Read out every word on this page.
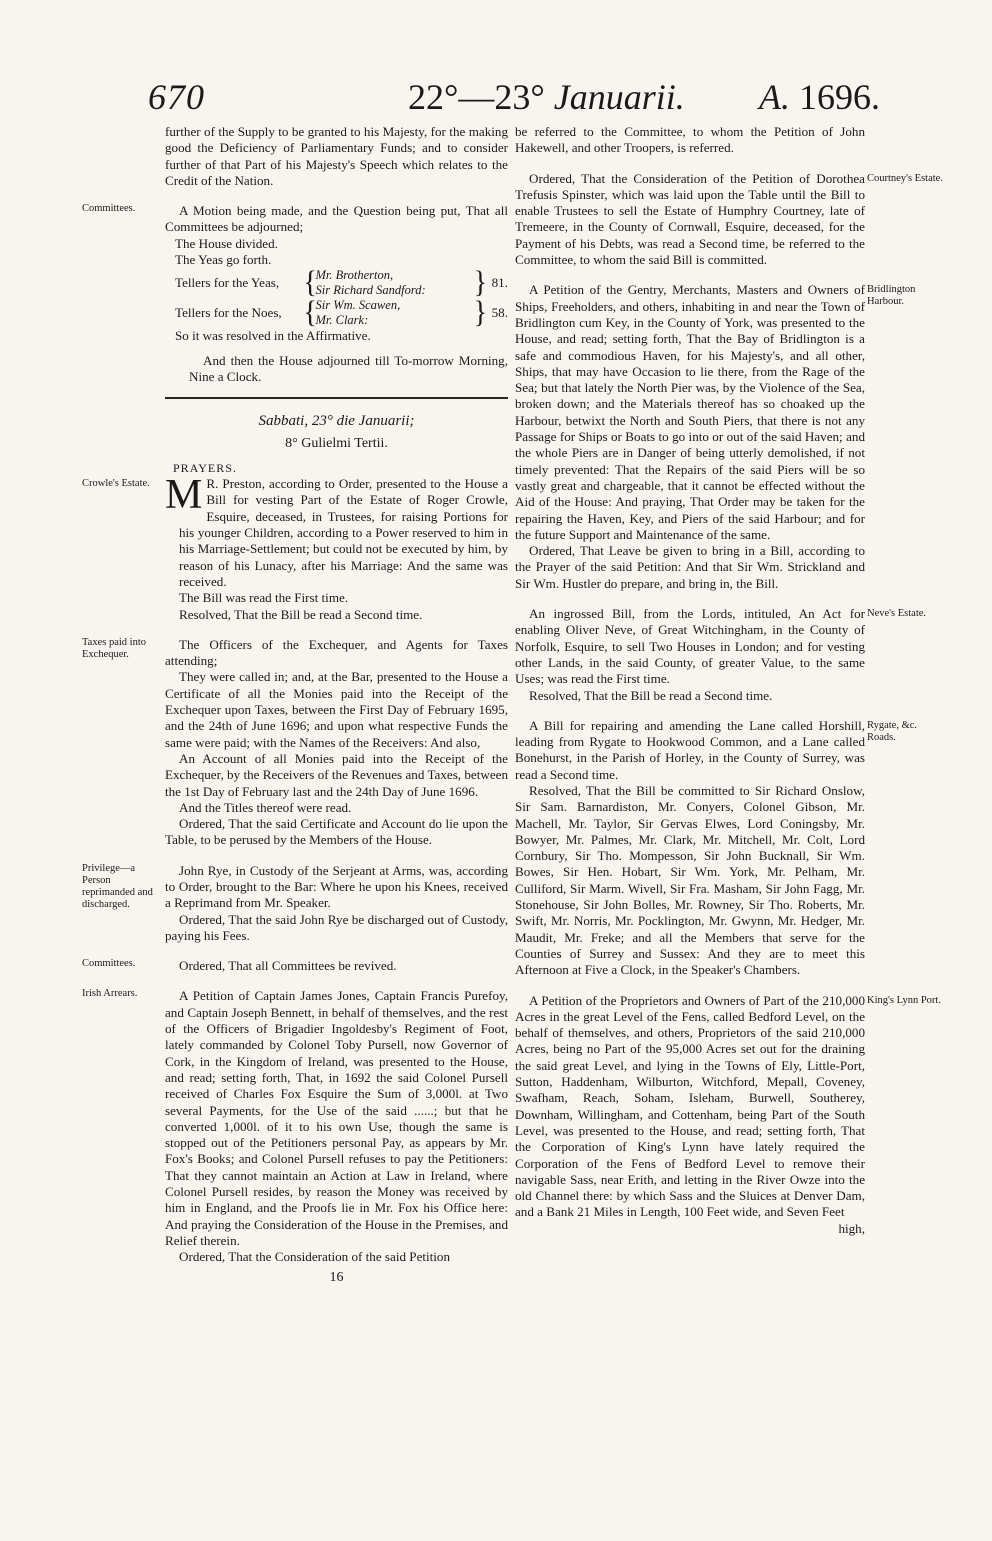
670	22°—23° Januarii. A. 1696.

further of the Supply to be granted to his Majesty, for the making good the Deficiency of Parliamentary Funds; and to consider further of that Part of his Majesty's Speech which relates to the Credit of the Nation.

Committees.	A Motion being made, and the Question being put, That all Committees be adjourned;

The House divided.
The Yeas go forth.
Tellers for the Yeas, {
Mr. Brotherton,
Sir Richard Sandford:	} 81.
Tellers for the Noes, {
Sir Wm. Scawen,
Mr. Clark:	} 58.
So it was resolved in the Affirmative.

And then the House adjourned till To-morrow Morning, Nine a Clock.

Sabbati, 23° die Januarii;
8° Gulielmi Tertii.
PRAYERS.
Crowle's Estate. M R. Preston, according to Order, presented to the House a Bill for vesting Part of the Estate of Roger Crowle, Esquire, deceased, in Trustees, for raising Portions for his younger Children, according to a Power reserved to him in his Marriage-Settlement; but could not be executed by him, by reason of his Lunacy, after his Marriage: And the same was received.

The Bill was read the First time.

Resolved, That the Bill be read a Second time.

Taxes paid into Exchequer.

The Officers of the Exchequer, and Agents for Taxes attending;

They were called in; and, at the Bar, presented to the House a Certificate of all the Monies paid into the Receipt of the Exchequer upon Taxes, between the First Day of February 1695, and the 24th of June 1696; and upon what respective Funds the same were paid; with the Names of the Receivers: And also,

An Account of all Monies paid into the Receipt of the Exchequer, by the Receivers of the Revenues and Taxes, between the 1st Day of February last and the 24th Day of June 1696.

And the Titles thereof were read.

Ordered, That the said Certificate and Account do lie upon the Table, to be perused by the Members of the House.

Privilege—a Person reprimanded and discharged.

John Rye, in Custody of the Serjeant at Arms, was, according to Order, brought to the Bar: Where he upon his Knees, received a Reprimand from Mr. Speaker.

Ordered, That the said John Rye be discharged out of Custody, paying his Fees.

Committees.	Ordered, That all Committees be revived.

Irish Arrears.	A Petition of Captain James Jones, Captain Francis Purefoy, and Captain Joseph Bennett, in behalf of themselves, and the rest of the Officers of Brigadier Ingoldesby's Regiment of Foot, lately commanded by Colonel Toby Pursell, now Governor of Cork, in the Kingdom of Ireland, was presented to the House, and read; setting forth, That, in 1692 the said Colonel Pursell received of Charles Fox Esquire the Sum of 3,000l. at Two several Payments, for the Use of the said ......; but that he converted 1,000l. of it to his own Use, though the same is stopped out of the Petitioners personal Pay, as appears by Mr. Fox's Books; and Colonel Pursell refuses to pay the Petitioners: That they cannot maintain an Action at Law in Ireland, where Colonel Pursell resides, by reason the Money was received by him in England, and the Proofs lie in Mr. Fox his Office here: And praying the Consideration of the House in the Premises, and Relief therein.

Ordered, That the Consideration of the said Petition

16

be referred to the Committee, to whom the Petition of John Hakewell, and other Troopers, is referred.

Courtney's Estate.

Ordered, That the Consideration of the Petition of Dorothea Trefusis Spinster, which was laid upon the Table until the Bill to enable Trustees to sell the Estate of Humphry Courtney, late of Tremeere, in the County of Cornwall, Esquire, deceased, for the Payment of his Debts, was read a Second time, be referred to the Committee, to whom the said Bill is committed.

Bridlington Harbour.

A Petition of the Gentry, Merchants, Masters and Owners of Ships, Freeholders, and others, inhabiting in and near the Town of Bridlington cum Key, in the County of York, was presented to the House, and read; setting forth, That the Bay of Bridlington is a safe and commodious Haven, for his Majesty's, and all other, Ships, that may have Occasion to lie there, from the Rage of the Sea; but that lately the North Pier was, by the Violence of the Sea, broken down; and the Materials thereof has so choaked up the Harbour, betwixt the North and South Piers, that there is not any Passage for Ships or Boats to go into or out of the said Haven; and the whole Piers are in Danger of being utterly demolished, if not timely prevented: That the Repairs of the said Piers will be so vastly great and chargeable, that it cannot be effected without the Aid of the House: And praying, That Order may be taken for the repairing the Haven, Key, and Piers of the said Harbour; and for the future Support and Maintenance of the same.

Ordered, That Leave be given to bring in a Bill, according to the Prayer of the said Petition: And that Sir Wm. Strickland and Sir Wm. Hustler do prepare, and bring in, the Bill.

Neve's Estate.

An ingrossed Bill, from the Lords, intituled, An Act for enabling Oliver Neve, of Great Witchingham, in the County of Norfolk, Esquire, to sell Two Houses in London; and for vesting other Lands, in the said County, of greater Value, to the same Uses; was read the First time.

Resolved, That the Bill be read a Second time.

Rygate, &c. Roads.

A Bill for repairing and amending the Lane called Horshill, leading from Rygate to Hookwood Common, and a Lane called Bonehurst, in the Parish of Horley, in the County of Surrey, was read a Second time.

Resolved, That the Bill be committed to Sir Richard Onslow, Sir Sam. Barnardiston, Mr. Conyers, Colonel Gibson, Mr. Machell, Mr. Taylor, Sir Gervas Elwes, Lord Coningsby, Mr. Bowyer, Mr. Palmes, Mr. Clark, Mr. Mitchell, Mr. Colt, Lord Cornbury, Sir Tho. Mompesson, Sir John Bucknall, Sir Wm. Bowes, Sir Hen. Hobart, Sir Wm. York, Mr. Pelham, Mr. Culliford, Sir Marm. Wivell, Sir Fra. Masham, Sir John Fagg, Mr. Stonehouse, Sir John Bolles, Mr. Rowney, Sir Tho. Roberts, Mr. Swift, Mr. Norris, Mr. Pocklington, Mr. Gwynn, Mr. Hedger, Mr. Maudit, Mr. Freke; and all the Members that serve for the Counties of Surrey and Sussex: And they are to meet this Afternoon at Five a Clock, in the Speaker's Chambers.

King's Lynn Port.

A Petition of the Proprietors and Owners of Part of the 210,000 Acres in the great Level of the Fens, called Bedford Level, on the behalf of themselves, and others, Proprietors of the said 210,000 Acres, being no Part of the 95,000 Acres set out for the draining the said great Level, and lying in the Towns of Ely, Little-Port, Sutton, Haddenham, Wilburton, Witchford, Mepall, Coveney, Swafham, Reach, Soham, Isleham, Burwell, Southerey, Downham, Willingham, and Cottenham, being Part of the South Level, was presented to the House, and read; setting forth, That the Corporation of King's Lynn have lately required the Corporation of the Fens of Bedford Level to remove their navigable Sass, near Erith, and letting in the River Owze into the old Channel there: by which Sass and the Sluices at Denver Dam, and a Bank 21 Miles in Length, 100 Feet wide, and Seven Feet

high,
